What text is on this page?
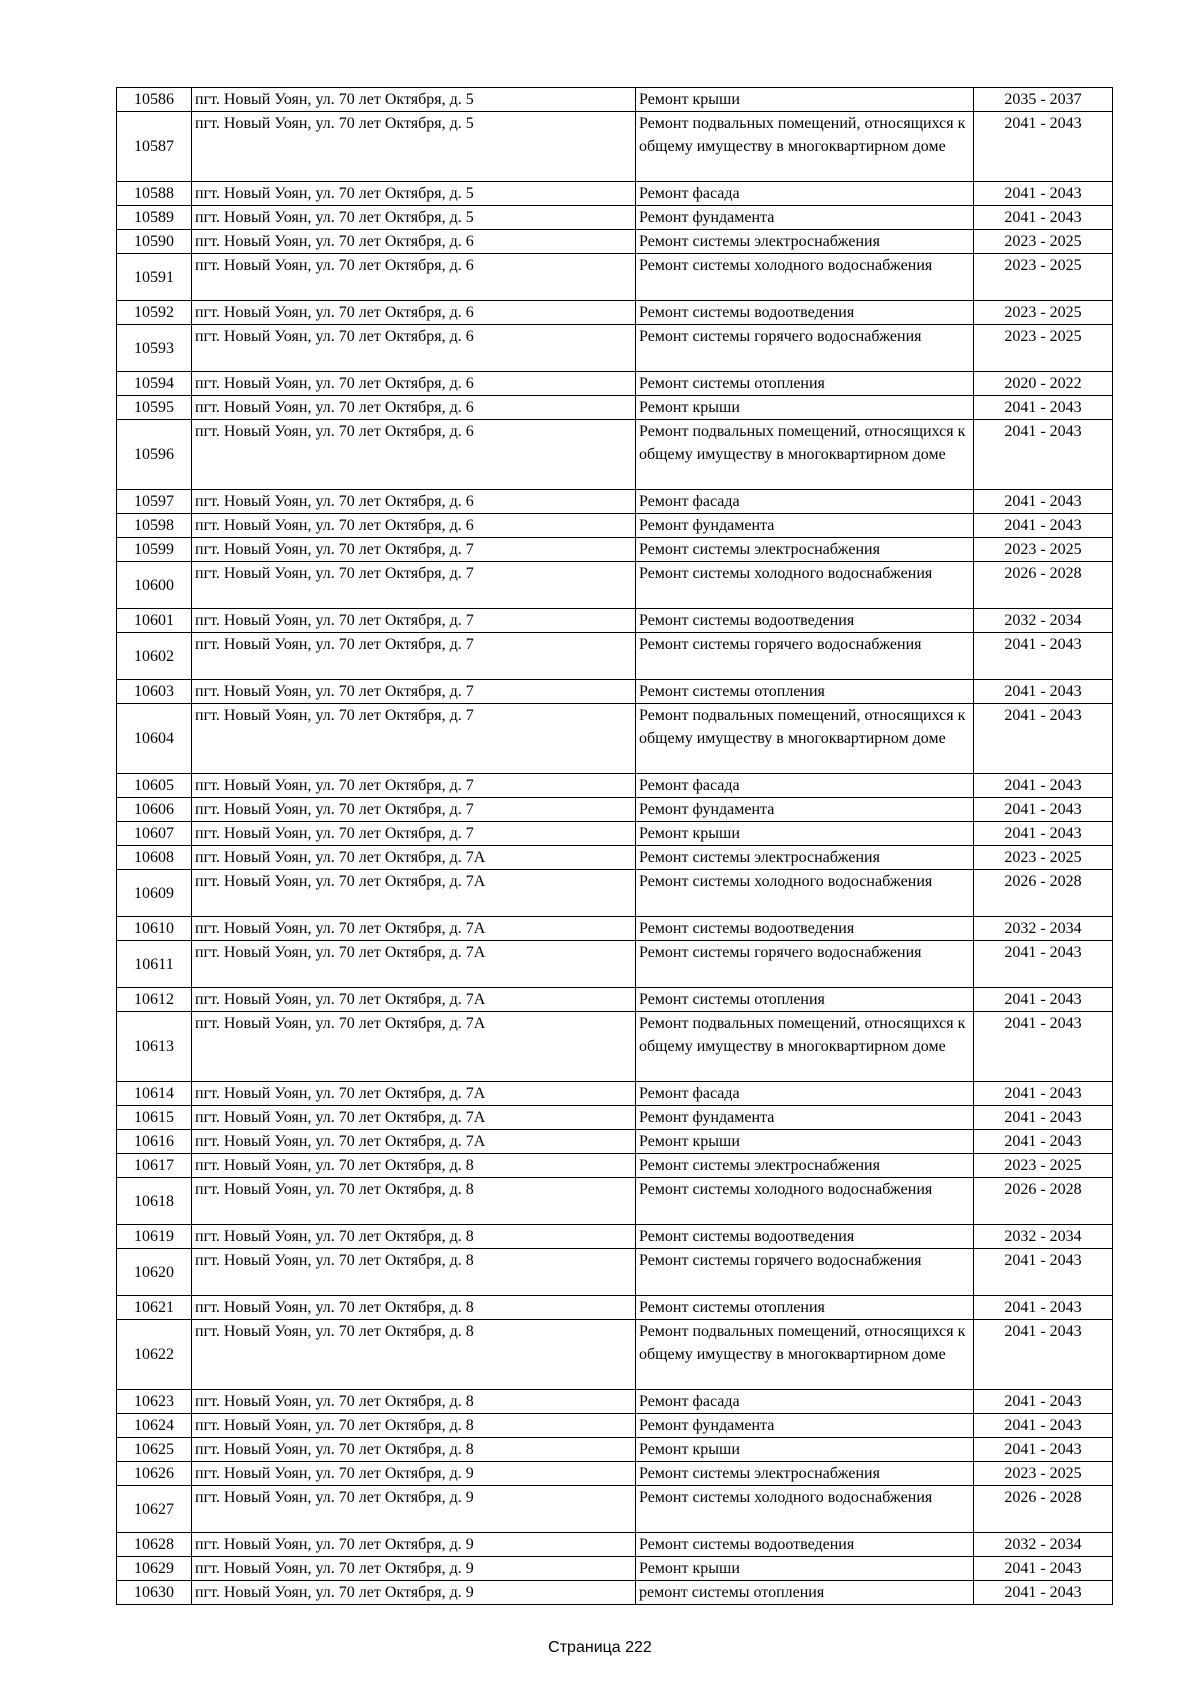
10586	пгт. Новый Уоян, ул. 70 лет Октября, д. 5	Ремонт крыши	2035 - 2037
10587	пгт. Новый Уоян, ул. 70 лет Октября, д. 5	Ремонт подвальных помещений, относящихся к общему имуществу в многоквартирном доме	2041 - 2043
10588	пгт. Новый Уоян, ул. 70 лет Октября, д. 5	Ремонт фасада	2041 - 2043
10589	пгт. Новый Уоян, ул. 70 лет Октября, д. 5	Ремонт фундамента	2041 - 2043
10590	пгт. Новый Уоян, ул. 70 лет Октября, д. 6	Ремонт системы электроснабжения	2023 - 2025
10591	пгт. Новый Уоян, ул. 70 лет Октября, д. 6	Ремонт системы холодного водоснабжения	2023 - 2025
10592	пгт. Новый Уоян, ул. 70 лет Октября, д. 6	Ремонт системы водоотведения	2023 - 2025
10593	пгт. Новый Уоян, ул. 70 лет Октября, д. 6	Ремонт системы горячего водоснабжения	2023 - 2025
10594	пгт. Новый Уоян, ул. 70 лет Октября, д. 6	Ремонт системы отопления	2020 - 2022
10595	пгт. Новый Уоян, ул. 70 лет Октября, д. 6	Ремонт крыши	2041 - 2043
10596	пгт. Новый Уоян, ул. 70 лет Октября, д. 6	Ремонт подвальных помещений, относящихся к общему имуществу в многоквартирном доме	2041 - 2043
10597	пгт. Новый Уоян, ул. 70 лет Октября, д. 6	Ремонт фасада	2041 - 2043
10598	пгт. Новый Уоян, ул. 70 лет Октября, д. 6	Ремонт фундамента	2041 - 2043
10599	пгт. Новый Уоян, ул. 70 лет Октября, д. 7	Ремонт системы электроснабжения	2023 - 2025
10600	пгт. Новый Уоян, ул. 70 лет Октября, д. 7	Ремонт системы холодного водоснабжения	2026 - 2028
10601	пгт. Новый Уоян, ул. 70 лет Октября, д. 7	Ремонт системы водоотведения	2032 - 2034
10602	пгт. Новый Уоян, ул. 70 лет Октября, д. 7	Ремонт системы горячего водоснабжения	2041 - 2043
10603	пгт. Новый Уоян, ул. 70 лет Октября, д. 7	Ремонт системы отопления	2041 - 2043
10604	пгт. Новый Уоян, ул. 70 лет Октября, д. 7	Ремонт подвальных помещений, относящихся к общему имуществу в многоквартирном доме	2041 - 2043
10605	пгт. Новый Уоян, ул. 70 лет Октября, д. 7	Ремонт фасада	2041 - 2043
10606	пгт. Новый Уоян, ул. 70 лет Октября, д. 7	Ремонт фундамента	2041 - 2043
10607	пгт. Новый Уоян, ул. 70 лет Октября, д. 7	Ремонт крыши	2041 - 2043
10608	пгт. Новый Уоян, ул. 70 лет Октября, д. 7А	Ремонт системы электроснабжения	2023 - 2025
10609	пгт. Новый Уоян, ул. 70 лет Октября, д. 7А	Ремонт системы холодного водоснабжения	2026 - 2028
10610	пгт. Новый Уоян, ул. 70 лет Октября, д. 7А	Ремонт системы водоотведения	2032 - 2034
10611	пгт. Новый Уоян, ул. 70 лет Октября, д. 7А	Ремонт системы горячего водоснабжения	2041 - 2043
10612	пгт. Новый Уоян, ул. 70 лет Октября, д. 7А	Ремонт системы отопления	2041 - 2043
10613	пгт. Новый Уоян, ул. 70 лет Октября, д. 7А	Ремонт подвальных помещений, относящихся к общему имуществу в многоквартирном доме	2041 - 2043
10614	пгт. Новый Уоян, ул. 70 лет Октября, д. 7А	Ремонт фасада	2041 - 2043
10615	пгт. Новый Уоян, ул. 70 лет Октября, д. 7А	Ремонт фундамента	2041 - 2043
10616	пгт. Новый Уоян, ул. 70 лет Октября, д. 7А	Ремонт крыши	2041 - 2043
10617	пгт. Новый Уоян, ул. 70 лет Октября, д. 8	Ремонт системы электроснабжения	2023 - 2025
10618	пгт. Новый Уоян, ул. 70 лет Октября, д. 8	Ремонт системы холодного водоснабжения	2026 - 2028
10619	пгт. Новый Уоян, ул. 70 лет Октября, д. 8	Ремонт системы водоотведения	2032 - 2034
10620	пгт. Новый Уоян, ул. 70 лет Октября, д. 8	Ремонт системы горячего водоснабжения	2041 - 2043
10621	пгт. Новый Уоян, ул. 70 лет Октября, д. 8	Ремонт системы отопления	2041 - 2043
10622	пгт. Новый Уоян, ул. 70 лет Октября, д. 8	Ремонт подвальных помещений, относящихся к общему имуществу в многоквартирном доме	2041 - 2043
10623	пгт. Новый Уоян, ул. 70 лет Октября, д. 8	Ремонт фасада	2041 - 2043
10624	пгт. Новый Уоян, ул. 70 лет Октября, д. 8	Ремонт фундамента	2041 - 2043
10625	пгт. Новый Уоян, ул. 70 лет Октября, д. 8	Ремонт крыши	2041 - 2043
10626	пгт. Новый Уоян, ул. 70 лет Октября, д. 9	Ремонт системы электроснабжения	2023 - 2025
10627	пгт. Новый Уоян, ул. 70 лет Октября, д. 9	Ремонт системы холодного водоснабжения	2026 - 2028
10628	пгт. Новый Уоян, ул. 70 лет Октября, д. 9	Ремонт системы водоотведения	2032 - 2034
10629	пгт. Новый Уоян, ул. 70 лет Октября, д. 9	Ремонт крыши	2041 - 2043
10630	пгт. Новый Уоян, ул. 70 лет Октября, д. 9	ремонт системы отопления	2041 - 2043
Страница 222
